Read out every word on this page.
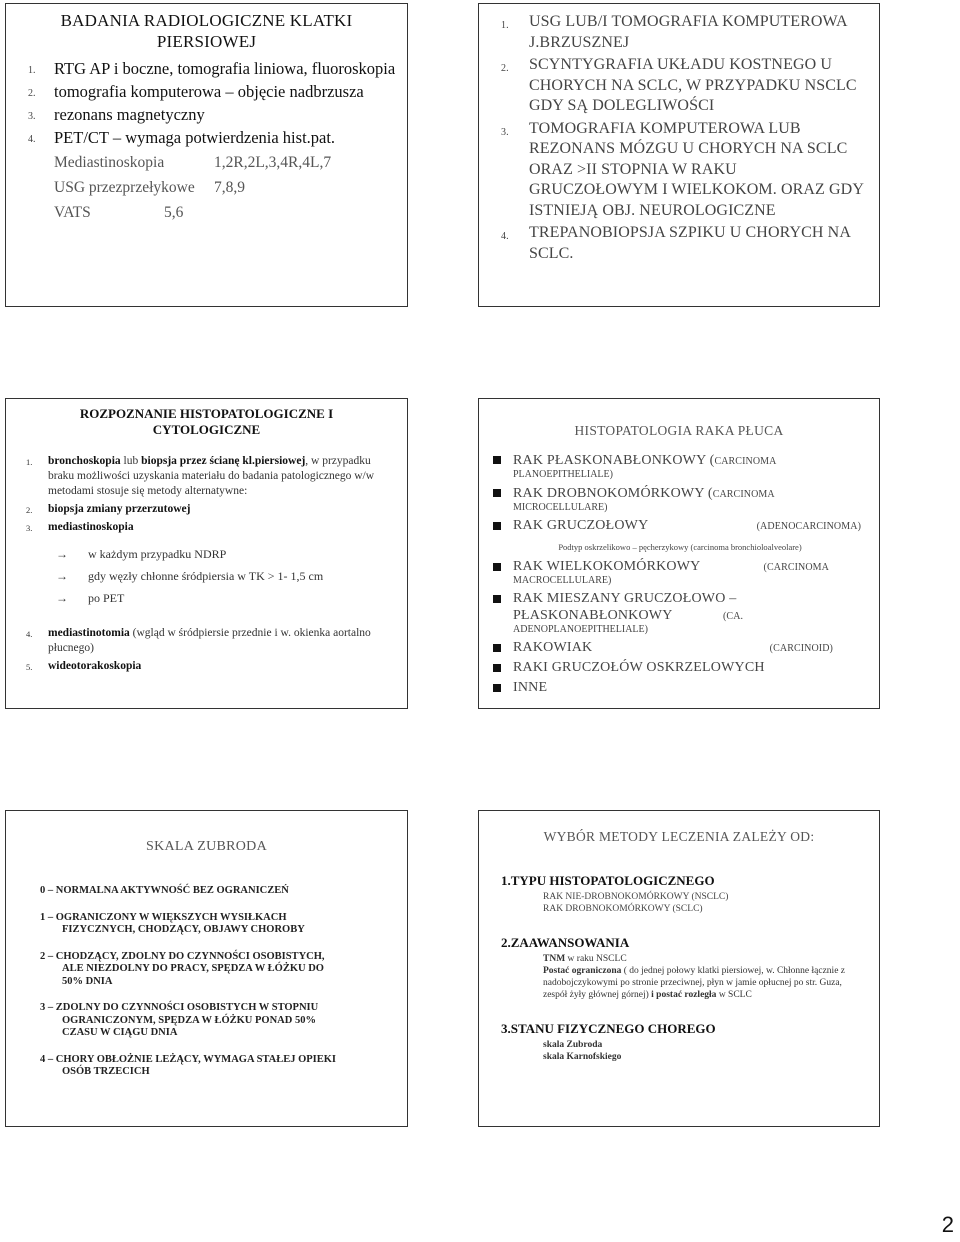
BADANIA RADIOLOGICZNE KLATKI
PIERSIOWEJ
1. RTG AP i boczne, tomografia liniowa, fluoroskopia
2. tomografia komputerowa – objęcie nadbrzusza
3. rezonans magnetyczny
4. PET/CT – wymaga potwierdzenia hist.pat.
Mediastinoskopia	1,2R,2L,3,4R,4L,7
USG przezprzełykowe	7,8,9
VATS	5,6
1. USG LUB/I TOMOGRAFIA KOMPUTEROWA J.BRZUSZNEJ
2. SCYNTYGRAFIA UKŁADU KOSTNEGO U CHORYCH NA SCLC, W PRZYPADKU NSCLC GDY SĄ DOLEGLIWOŚCI
3. TOMOGRAFIA KOMPUTEROWA LUB REZONANS MÓZGU U CHORYCH NA SCLC ORAZ >II STOPNIA W RAKU GRUCZOŁOWYM I WIELKOKOM. ORAZ GDY ISTNIEJĄ OBJ. NEUROLOGICZNE
4. TREPANOBIOPSJA SZPIKU U CHORYCH NA SCLC.
ROZPOZNANIE HISTOPATOLOGICZNE I CYTOLOGICZNE
1. bronchoskopia lub biopsja przez ścianę kl.piersiowej, w przypadku braku możliwości uzyskania materiału do badania patologicznego w/w metodami stosuje się metody alternatywne:
2. biopsja zmiany przerzutowej
3. mediastinoskopia
→ w każdym przypadku NDRP
→ gdy węzły chłonne śródpiersia w TK > 1- 1,5 cm
→ po PET
4. mediastinotomia (wgląd w śródpiersie przednie i w. okienka aortalno płucnego)
5. wideotorakoskopia
HISTOPATOLOGIA RAKA PŁUCA
RAK PŁASKONABŁONKOWY (CARCINOMA
PLANOEPITHELIALE)
RAK DROBNOKOMÓRKOWY (CARCINOMA
MICROCELLULARE)
RAK GRUCZOŁOWY	(ADENOCARCINOMA)
Podtyp oskrzelikowo – pęcherzykowy (carcinoma bronchioloalveolare)
RAK WIELKOKOMÓRKOWY	(CARCINOMA
MACROCELLULARE)
RAK MIESZANY GRUCZOŁOWO –
PŁASKONABŁONKOWY	(CA.
ADENOPLANOEPITHELIALE)
RAKOWIAK	(CARCINOID)
RAKI GRUCZOŁÓW OSKRZELOWYCH
INNE
SKALA ZUBRODA
0 – NORMALNA AKTYWNOŚĆ BEZ OGRANICZEŃ
1 – OGRANICZONY W WIĘKSZYCH WYSIŁKACH
FIZYCZNYCH, CHODZĄCY, OBJAWY CHOROBY
2 – CHODZĄCY, ZDOLNY DO CZYNNOŚCI OSOBISTYCH,
ALE NIEZDOLNY DO PRACY, SPĘDZA W ŁÓŻKU DO
50% DNIA
3 – ZDOLNY DO CZYNNOŚCI OSOBISTYCH W STOPNIU
OGRANICZONYM, SPĘDZA W ŁÓŻKU PONAD 50%
CZASU W CIĄGU DNIA
4 – CHORY OBŁOŻNIE LEŻĄCY, WYMAGA STAŁEJ OPIEKI
OSÓB TRZECICH
WYBÓR METODY LECZENIA ZALEŻY OD:
1.TYPU HISTOPATOLOGICZNEGO
RAK NIE-DROBNOKOMÓRKOWY (NSCLC)
RAK DROBNOKOMÓRKOWY (SCLC)
2.ZAAWANSOWANIA
TNM w raku NSCLC
Postać ograniczona ( do jednej połowy klatki piersiowej, w. Chłonne łącznie z nadobojczykowymi po stronie przeciwnej, płyn w jamie opłucnej po str. Guza, zespół żyły głównej górnej) i postać rozległa w SCLC
3.STANU FIZYCZNEGO CHOREGO
skala Zubroda
skala Karnofskiego
2
